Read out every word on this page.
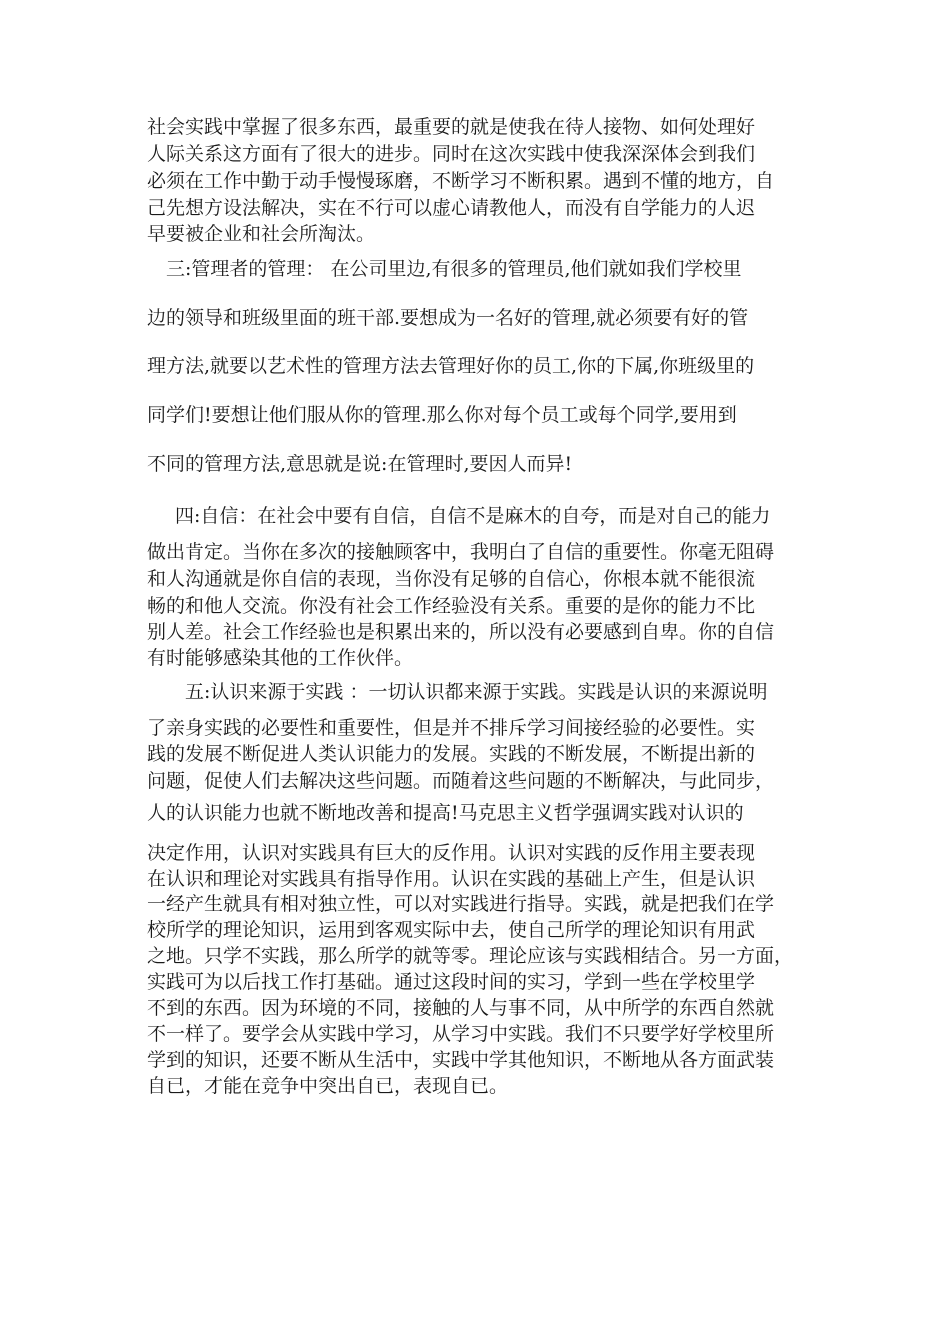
社会实践中掌握了很多东西，最重要的就是使我在待人接物、如何处理好
人际关系这方面有了很大的进步。同时在这次实践中使我深深体会到我们
必须在工作中勤于动手慢慢琢磨，不断学习不断积累。遇到不懂的地方，自
己先想方设法解决，实在不行可以虚心请教他人，而没有自学能力的人迟
早要被企业和社会所淘汰。
三:管理者的管理： 在公司里边,有很多的管理员,他们就如我们学校里
边的领导和班级里面的班干部.要想成为一名好的管理,就必须要有好的管
理方法,就要以艺术性的管理方法去管理好你的员工,你的下属,你班级里的
同学们!要想让他们服从你的管理.那么你对每个员工或每个同学,要用到
不同的管理方法,意思就是说:在管理时,要因人而异!
四:自信：在社会中要有自信，自信不是麻木的自夸，而是对自己的能力
做出肯定。当你在多次的接触顾客中，我明白了自信的重要性。你毫无阻碍
和人沟通就是你自信的表现，当你没有足够的自信心，你根本就不能很流
畅的和他人交流。你没有社会工作经验没有关系。重要的是你的能力不比
别人差。社会工作经验也是积累出来的，所以没有必要感到自卑。你的自信
有时能够感染其他的工作伙伴。
五:认识来源于实践 ：一切认识都来源于实践。实践是认识的来源说明
了亲身实践的必要性和重要性，但是并不排斥学习间接经验的必要性。实
践的发展不断促进人类认识能力的发展。实践的不断发展，不断提出新的
问题，促使人们去解决这些问题。而随着这些问题的不断解决，与此同步，
人的认识能力也就不断地改善和提高!马克思主义哲学强调实践对认识的
决定作用，认识对实践具有巨大的反作用。认识对实践的反作用主要表现
在认识和理论对实践具有指导作用。认识在实践的基础上产生，但是认识
一经产生就具有相对独立性，可以对实践进行指导。实践，就是把我们在学
校所学的理论知识，运用到客观实际中去，使自己所学的理论知识有用武
之地。只学不实践，那么所学的就等零。理论应该与实践相结合。另一方面，
实践可为以后找工作打基础。通过这段时间的实习，学到一些在学校里学
不到的东西。因为环境的不同，接触的人与事不同，从中所学的东西自然就
不一样了。要学会从实践中学习，从学习中实践。我们不只要学好学校里所
学到的知识，还要不断从生活中，实践中学其他知识，不断地从各方面武装
自已，才能在竞争中突出自已，表现自已。
